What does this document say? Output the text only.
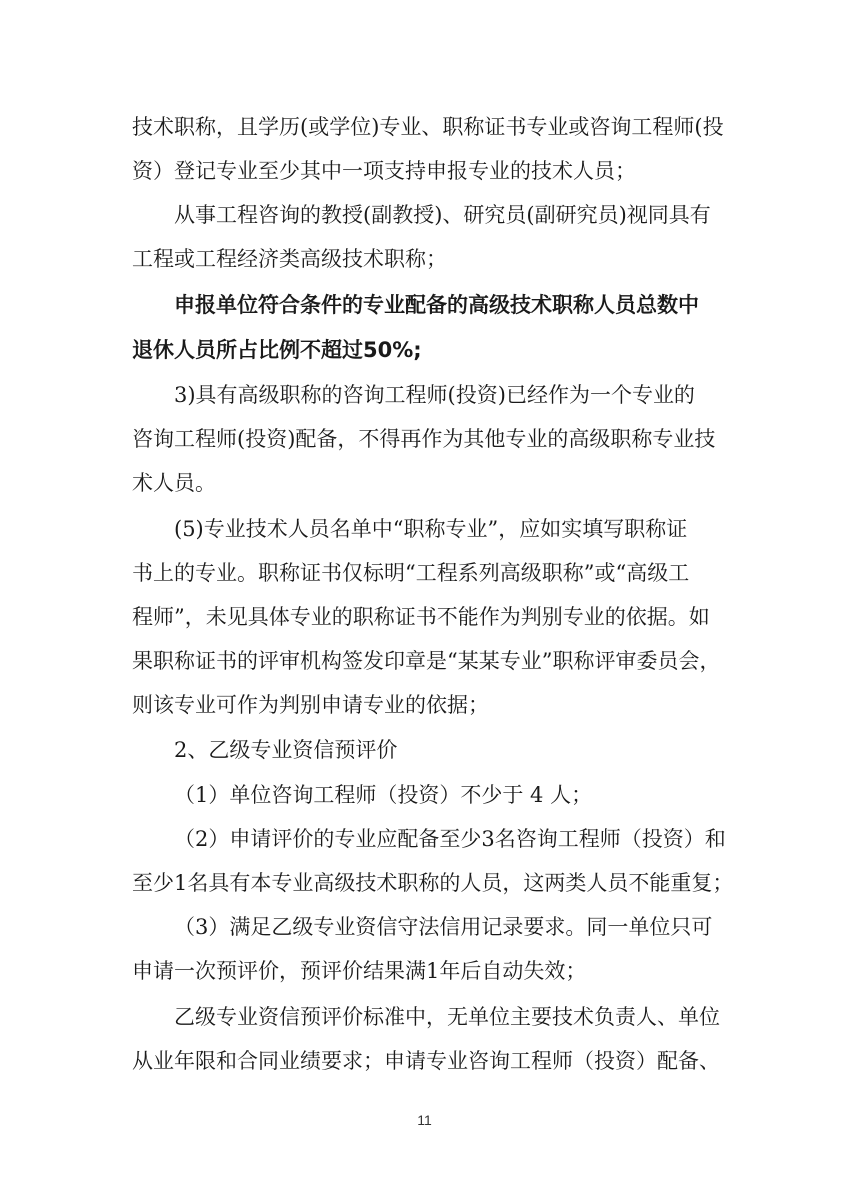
技术职称，且学历(或学位)专业、职称证书专业或咨询工程师(投
资）登记专业至少其中一项支持申报专业的技术人员；
从事工程咨询的教授(副教授)、研究员(副研究员)视同具有
工程或工程经济类高级技术职称；
申报单位符合条件的专业配备的高级技术职称人员总数中
退休人员所占比例不超过50%;
3)具有高级职称的咨询工程师(投资)已经作为一个专业的
咨询工程师(投资)配备，不得再作为其他专业的高级职称专业技
术人员。
(5)专业技术人员名单中“职称专业”，应如实填写职称证
书上的专业。职称证书仅标明“工程系列高级职称”或“高级工
程师”，未见具体专业的职称证书不能作为判别专业的依据。如
果职称证书的评审机构签发印章是“某某专业”职称评审委员会，
则该专业可作为判别申请专业的依据；
2、乙级专业资信预评价
（1）单位咨询工程师（投资）不少于 4 人；
（2）申请评价的专业应配备至少3名咨询工程师（投资）和
至少1名具有本专业高级技术职称的人员，这两类人员不能重复；
（3）满足乙级专业资信守法信用记录要求。同一单位只可
申请一次预评价，预评价结果满1年后自动失效；
乙级专业资信预评价标准中，无单位主要技术负责人、单位
从业年限和合同业绩要求；申请专业咨询工程师（投资）配备、
11
